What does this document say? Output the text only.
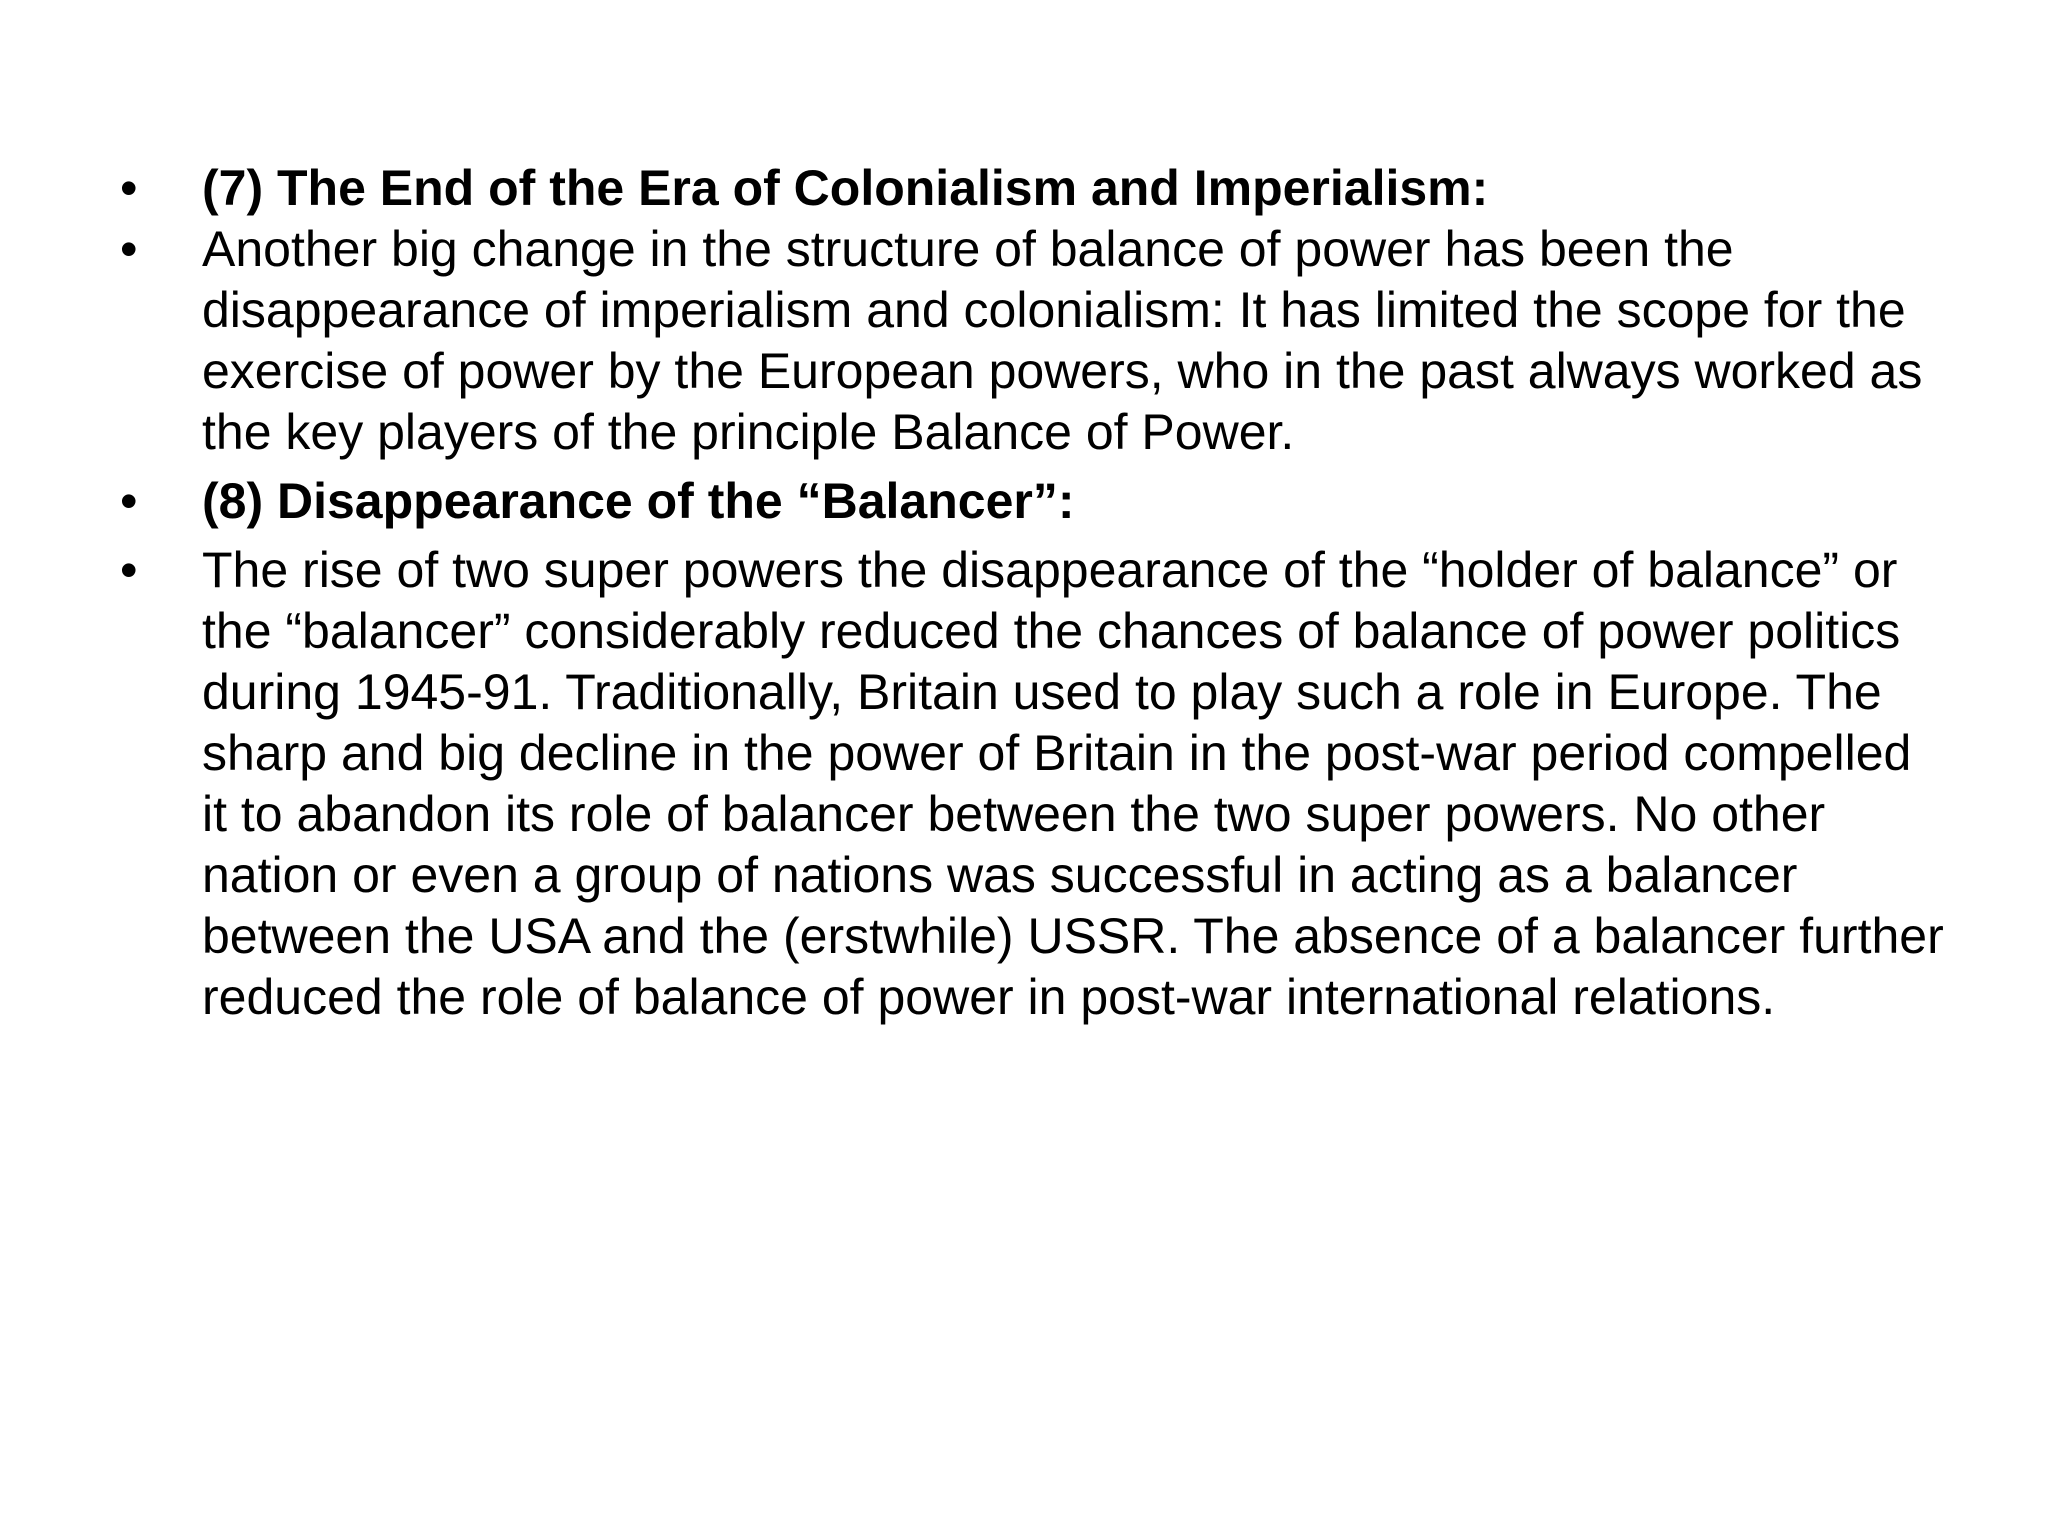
•	(7) The End of the Era of Colonialism and Imperialism:
•	Another big change in the structure of balance of power has been the disappearance of imperialism and colonialism: It has limited the scope for the exercise of power by the European powers, who in the past always worked as the key players of the principle Balance of Power.
•	(8) Disappearance of the “Balancer”:
•	The rise of two super powers the disappearance of the “holder of balance” or the “balancer” considerably reduced the chances of balance of power politics during 1945-91. Traditionally, Britain used to play such a role in Europe. The sharp and big decline in the power of Britain in the post-war period compelled it to abandon its role of balancer between the two super powers. No other nation or even a group of nations was successful in acting as a balancer between the USA and the (erstwhile) USSR. The absence of a balancer further reduced the role of balance of power in post-war international relations.
